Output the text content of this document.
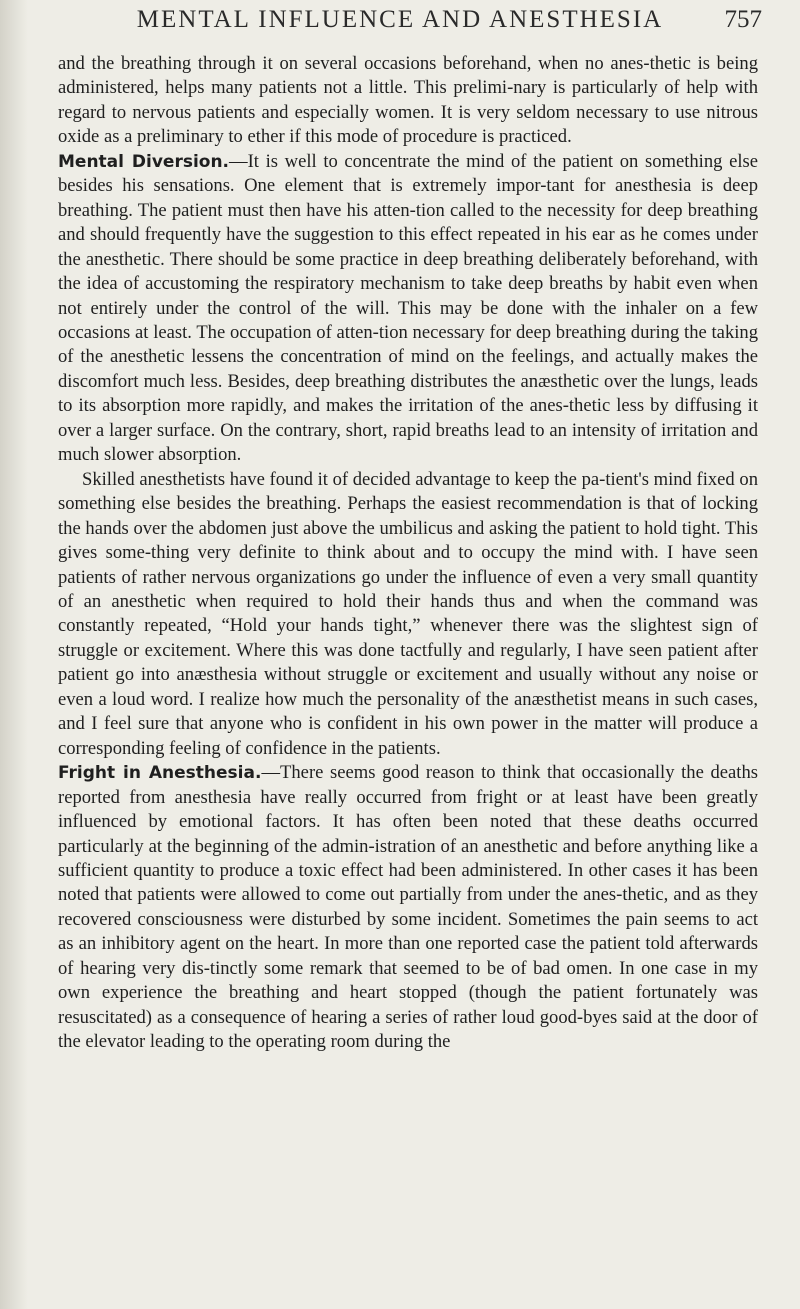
MENTAL INFLUENCE AND ANESTHESIA	757

and the breathing through it on several occasions beforehand, when no anes-thetic is being administered, helps many patients not a little. This prelimi-nary is particularly of help with regard to nervous patients and especially women. It is very seldom necessary to use nitrous oxide as a preliminary to ether if this mode of procedure is practiced.

Mental Diversion.—It is well to concentrate the mind of the patient on something else besides his sensations. One element that is extremely impor-tant for anesthesia is deep breathing. The patient must then have his atten-tion called to the necessity for deep breathing and should frequently have the suggestion to this effect repeated in his ear as he comes under the anesthetic. There should be some practice in deep breathing deliberately beforehand, with the idea of accustoming the respiratory mechanism to take deep breaths by habit even when not entirely under the control of the will. This may be done with the inhaler on a few occasions at least. The occupation of atten-tion necessary for deep breathing during the taking of the anesthetic lessens the concentration of mind on the feelings, and actually makes the discomfort much less. Besides, deep breathing distributes the anæsthetic over the lungs, leads to its absorption more rapidly, and makes the irritation of the anes-thetic less by diffusing it over a larger surface. On the contrary, short, rapid breaths lead to an intensity of irritation and much slower absorption.

Skilled anesthetists have found it of decided advantage to keep the pa-tient's mind fixed on something else besides the breathing. Perhaps the easiest recommendation is that of locking the hands over the abdomen just above the umbilicus and asking the patient to hold tight. This gives some-thing very definite to think about and to occupy the mind with. I have seen patients of rather nervous organizations go under the influence of even a very small quantity of an anesthetic when required to hold their hands thus and when the command was constantly repeated, “Hold your hands tight,” whenever there was the slightest sign of struggle or excitement. Where this was done tactfully and regularly, I have seen patient after patient go into anæsthesia without struggle or excitement and usually without any noise or even a loud word. I realize how much the personality of the anæsthetist means in such cases, and I feel sure that anyone who is confident in his own power in the matter will produce a corresponding feeling of confidence in the patients.

Fright in Anesthesia.—There seems good reason to think that occasionally the deaths reported from anesthesia have really occurred from fright or at least have been greatly influenced by emotional factors. It has often been noted that these deaths occurred particularly at the beginning of the admin-istration of an anesthetic and before anything like a sufficient quantity to produce a toxic effect had been administered. In other cases it has been noted that patients were allowed to come out partially from under the anes-thetic, and as they recovered consciousness were disturbed by some incident. Sometimes the pain seems to act as an inhibitory agent on the heart. In more than one reported case the patient told afterwards of hearing very dis-tinctly some remark that seemed to be of bad omen. In one case in my own experience the breathing and heart stopped (though the patient fortunately was resuscitated) as a consequence of hearing a series of rather loud good-byes said at the door of the elevator leading to the operating room during the
